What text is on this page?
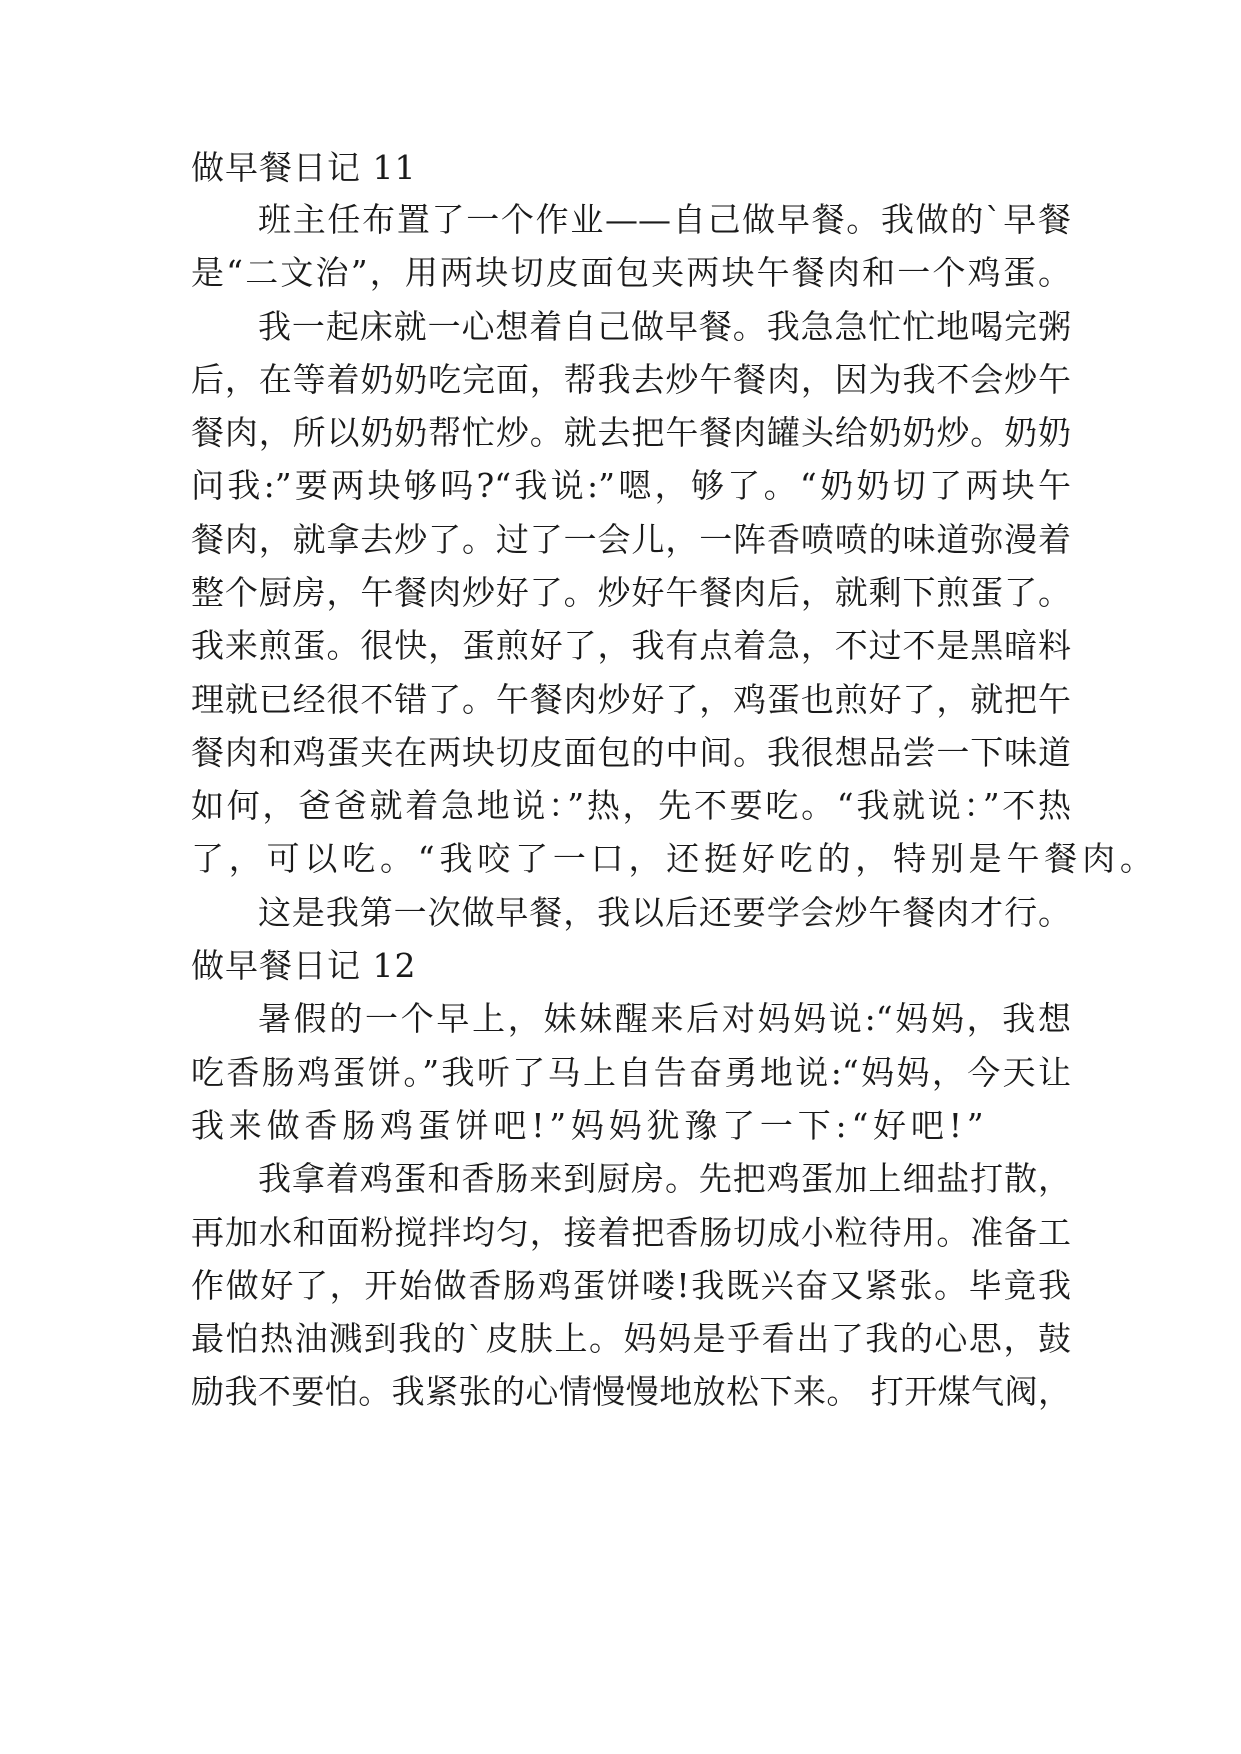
做早餐日记 11
班主任布置了一个作业——自己做早餐。我做的`早餐
是“二文治”，用两块切皮面包夹两块午餐肉和一个鸡蛋。
我一起床就一心想着自己做早餐。我急急忙忙地喝完粥
后，在等着奶奶吃完面，帮我去炒午餐肉，因为我不会炒午
餐肉，所以奶奶帮忙炒。就去把午餐肉罐头给奶奶炒。奶奶
问我:”要两块够吗?“我说:”嗯，够了。“奶奶切了两块午
餐肉，就拿去炒了。过了一会儿，一阵香喷喷的味道弥漫着
整个厨房，午餐肉炒好了。炒好午餐肉后，就剩下煎蛋了。
我来煎蛋。很快，蛋煎好了，我有点着急，不过不是黑暗料
理就已经很不错了。午餐肉炒好了，鸡蛋也煎好了，就把午
餐肉和鸡蛋夹在两块切皮面包的中间。我很想品尝一下味道
如何，爸爸就着急地说：”热，先不要吃。“我就说：”不热
了，可以吃。“我咬了一口，还挺好吃的，特别是午餐肉。
这是我第一次做早餐，我以后还要学会炒午餐肉才行。
做早餐日记 12
暑假的一个早上，妹妹醒来后对妈妈说:“妈妈，我想
吃香肠鸡蛋饼。”我听了马上自告奋勇地说:“妈妈，今天让
我来做香肠鸡蛋饼吧!”妈妈犹豫了一下:“好吧!”
我拿着鸡蛋和香肠来到厨房。先把鸡蛋加上细盐打散，
再加水和面粉搅拌均匀，接着把香肠切成小粒待用。准备工
作做好了，开始做香肠鸡蛋饼喽!我既兴奋又紧张。毕竟我
最怕热油溅到我的`皮肤上。妈妈是乎看出了我的心思，鼓
励我不要怕。我紧张的心情慢慢地放松下来。 打开煤气阀，
